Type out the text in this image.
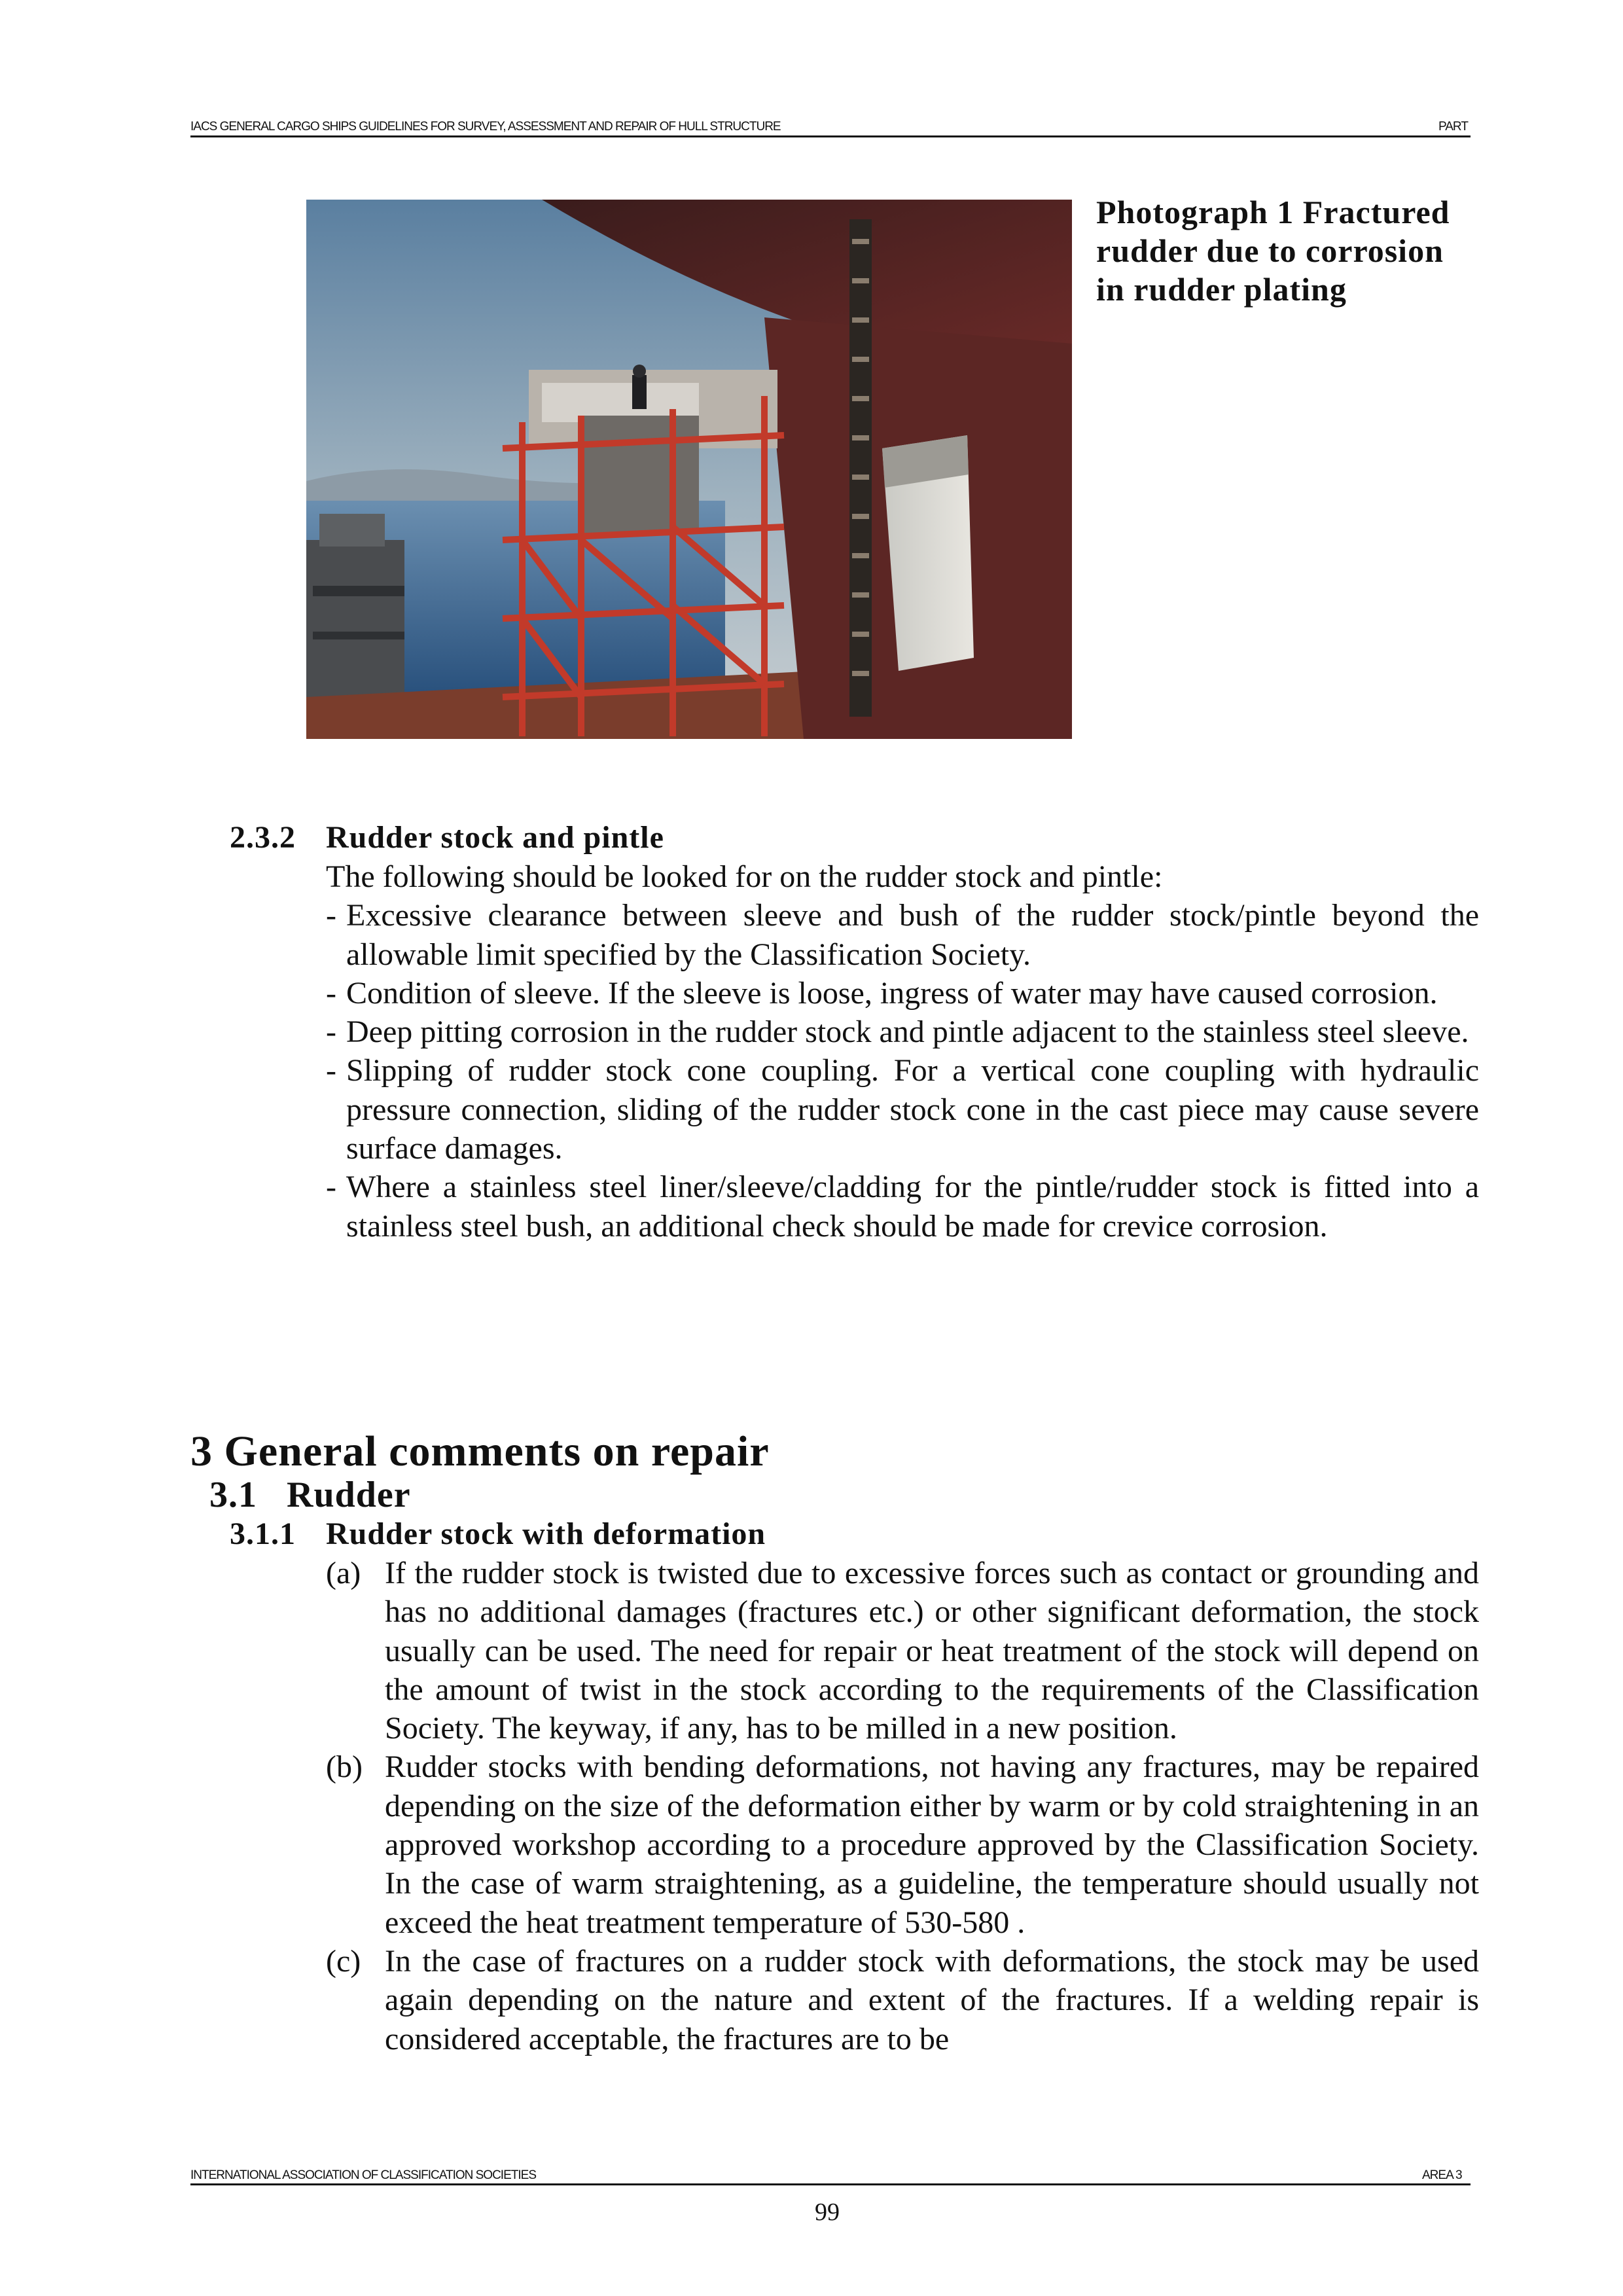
IACS GENERAL CARGO SHIPS GUIDELINES FOR SURVEY, ASSESSMENT AND REPAIR OF HULL STRUCTURE	PART
Photograph 1 Fractured rudder due to corrosion in rudder plating
2.3.2 Rudder stock and pintle
The following should be looked for on the rudder stock and pintle:
- Excessive clearance between sleeve and bush of the rudder stock/pintle beyond the allowable limit specified by the Classification Society.
- Condition of sleeve. If the sleeve is loose, ingress of water may have caused corrosion.
- Deep pitting corrosion in the rudder stock and pintle adjacent to the stainless steel sleeve.
- Slipping of rudder stock cone coupling. For a vertical cone coupling with hydraulic pressure connection, sliding of the rudder stock cone in the cast piece may cause severe surface damages.
- Where a stainless steel liner/sleeve/cladding for the pintle/rudder stock is fitted into a stainless steel bush, an additional check should be made for crevice corrosion.
3 General comments on repair
3.1 Rudder
3.1.1 Rudder stock with deformation
(a) If the rudder stock is twisted due to excessive forces such as contact or grounding and has no additional damages (fractures etc.) or other significant deformation, the stock usually can be used. The need for repair or heat treatment of the stock will depend on the amount of twist in the stock according to the requirements of the Classification Society. The keyway, if any, has to be milled in a new position.
(b) Rudder stocks with bending deformations, not having any fractures, may be repaired depending on the size of the deformation either by warm or by cold straightening in an approved workshop according to a procedure approved by the Classification Society. In the case of warm straightening, as a guideline, the temperature should usually not exceed the heat treatment temperature of 530-580 .
(c) In the case of fractures on a rudder stock with deformations, the stock may be used again depending on the nature and extent of the fractures. If a welding repair is considered acceptable, the fractures are to be
INTERNATIONAL ASSOCIATION OF CLASSIFICATION SOCIETIES	AREA 3
99
